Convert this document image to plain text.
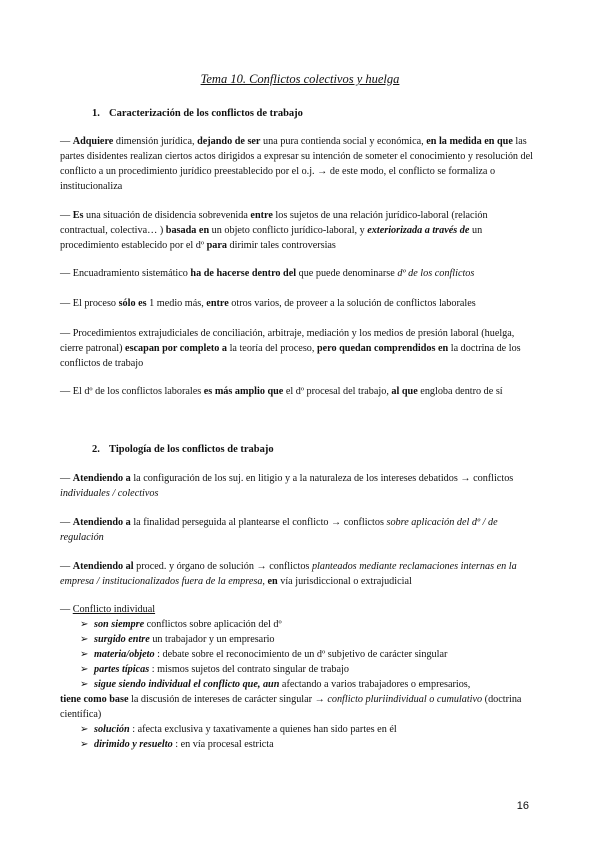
Tema 10. Conflictos colectivos y huelga
1. Caracterización de los conflictos de trabajo
— Adquiere dimensión jurídica, dejando de ser una pura contienda social y económica, en la medida en que las partes disidentes realizan ciertos actos dirigidos a expresar su intención de someter el conocimiento y resolución del conflicto a un procedimiento jurídico preestablecido por el o.j. → de este modo, el conflicto se formaliza o institucionaliza
— Es una situación de disidencia sobrevenida entre los sujetos de una relación jurídico-laboral (relación contractual, colectiva… ) basada en un objeto conflicto jurídico-laboral, y exteriorizada a través de un procedimiento establecido por el dº para dirimir tales controversias
— Encuadramiento sistemático ha de hacerse dentro del que puede denominarse dº de los conflictos
— El proceso sólo es 1 medio más, entre otros varios, de proveer a la solución de conflictos laborales
— Procedimientos extrajudiciales de conciliación, arbitraje, mediación y los medios de presión laboral (huelga, cierre patronal) escapan por completo a la teoría del proceso, pero quedan comprendidos en la doctrina de los conflictos de trabajo
— El dº de los conflictos laborales es más amplio que el dº procesal del trabajo, al que engloba dentro de sí
2. Tipología de los conflictos de trabajo
— Atendiendo a la configuración de los suj. en litigio y a la naturaleza de los intereses debatidos → conflictos individuales / colectivos
— Atendiendo a la finalidad perseguida al plantearse el conflicto → conflictos sobre aplicación del dº / de regulación
— Atendiendo al proced. y órgano de solución → conflictos planteados mediante reclamaciones internas en la empresa / institucionalizados fuera de la empresa, en vía jurisdiccional o extrajudicial
— Conflicto individual
➢ son siempre conflictos sobre aplicación del dº
➢ surgido entre un trabajador y un empresario
➢ materia/objeto : debate sobre el reconocimiento de un dº subjetivo de carácter singular
➢ partes típicas : mismos sujetos del contrato singular de trabajo
➢ sigue siendo individual el conflicto que, aun afectando a varios trabajadores o empresarios,
tiene como base la discusión de intereses de carácter singular → conflicto pluriindividual o cumulativo (doctrina científica)
➢ solución : afecta exclusiva y taxativamente a quienes han sido partes en él
➢ dirimido y resuelto : en vía procesal estricta
16
